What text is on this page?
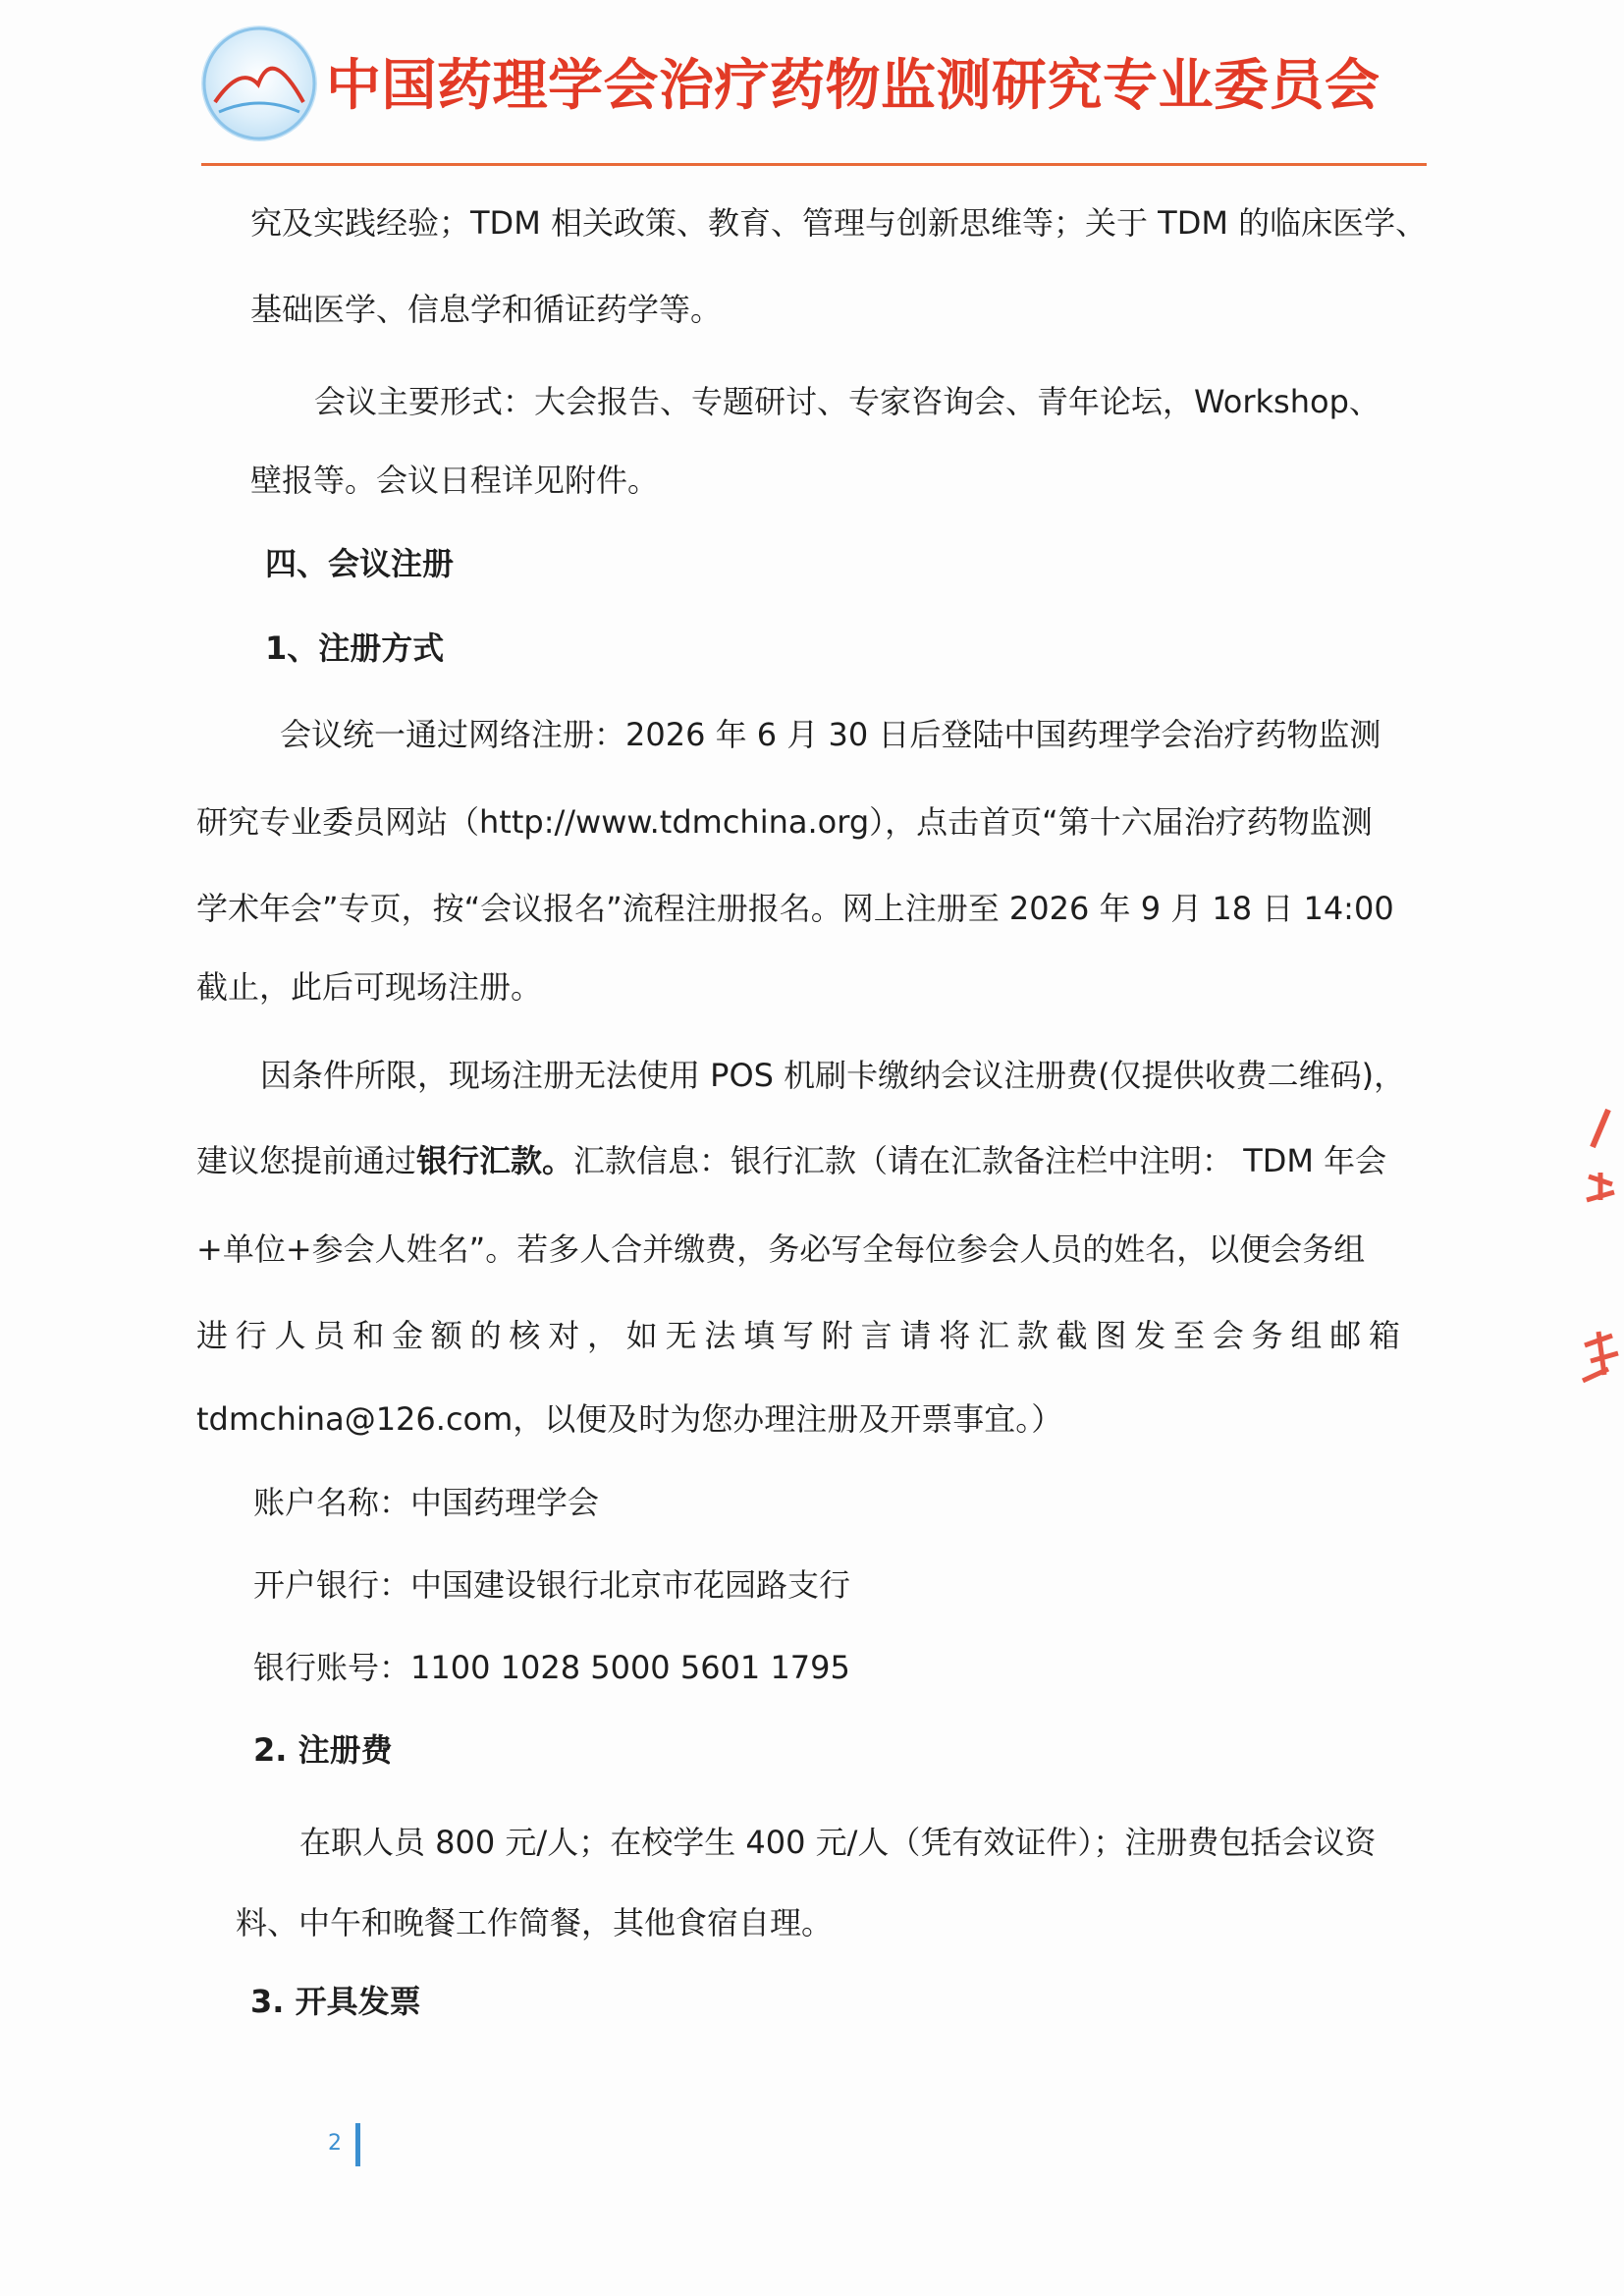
中国药理学会治疗药物监测研究专业委员会
究及实践经验；TDM 相关政策、教育、管理与创新思维等；关于 TDM 的临床医学、
基础医学、信息学和循证药学等。
会议主要形式：大会报告、专题研讨、专家咨询会、青年论坛，Workshop、
壁报等。会议日程详见附件。
四、会议注册
1、注册方式
会议统一通过网络注册：2026 年 6 月 30 日后登陆中国药理学会治疗药物监测
研究专业委员网站（http://www.tdmchina.org），点击首页“第十六届治疗药物监测
学术年会”专页，按“会议报名”流程注册报名。网上注册至 2026 年 9 月 18 日 14:00
截止，此后可现场注册。
因条件所限，现场注册无法使用 POS 机刷卡缴纳会议注册费(仅提供收费二维码)，
建议您提前通过银行汇款。汇款信息：银行汇款（请在汇款备注栏中注明： TDM 年会
+单位+参会人姓名”。若多人合并缴费，务必写全每位参会人员的姓名，以便会务组
进行人员和金额的核对，如无法填写附言请将汇款截图发至会务组邮箱
tdmchina@126.com，以便及时为您办理注册及开票事宜。）
账户名称：中国药理学会
开户银行：中国建设银行北京市花园路支行
银行账号：1100 1028 5000 5601 1795
2. 注册费
在职人员 800 元/人；在校学生 400 元/人（凭有效证件）；注册费包括会议资
料、中午和晚餐工作简餐，其他食宿自理。
3. 开具发票
2
